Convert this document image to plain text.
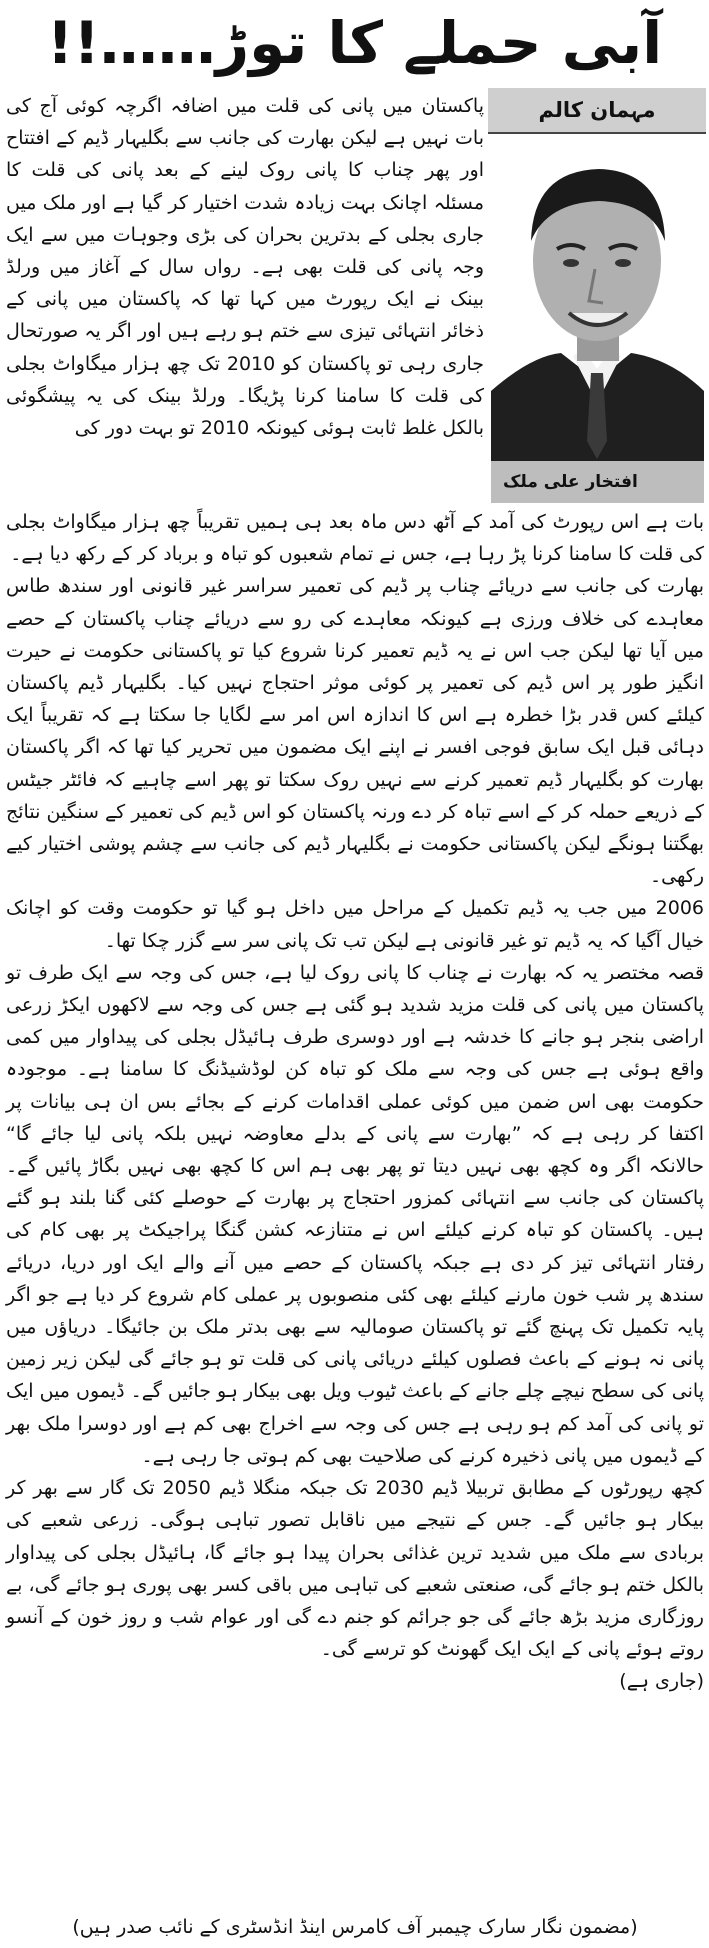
آبی حملے کا توڑ……!!
مہمان کالم
افتخار علی ملک

پاکستان میں پانی کی قلت میں اضافہ اگرچہ کوئی آج کی بات نہیں ہے لیکن بھارت کی جانب سے بگلیہار ڈیم کے افتتاح اور پھر چناب کا پانی روک لینے کے بعد پانی کی قلت کا مسئلہ اچانک بہت زیادہ شدت اختیار کر گیا ہے اور ملک میں جاری بجلی کے بدترین بحران کی بڑی وجوہات میں سے ایک وجہ پانی کی قلت بھی ہے۔ رواں سال کے آغاز میں ورلڈ بینک نے ایک رپورٹ میں کہا تھا کہ پاکستان میں پانی کے ذخائر انتہائی تیزی سے ختم ہو رہے ہیں اور اگر یہ صورتحال جاری رہی تو پاکستان کو 2010 تک چھ ہزار میگاواٹ بجلی کی قلت کا سامنا کرنا پڑیگا۔ ورلڈ بینک کی یہ پیشگوئی بالکل غلط ثابت ہوئی کیونکہ 2010 تو بہت دور کی

بات ہے اس رپورٹ کی آمد کے آٹھ دس ماہ بعد ہی ہمیں تقریباً چھ ہزار میگاواٹ بجلی کی قلت کا سامنا کرنا پڑ رہا ہے، جس نے تمام شعبوں کو تباہ و برباد کر کے رکھ دیا ہے۔

بھارت کی جانب سے دریائے چناب پر ڈیم کی تعمیر سراسر غیر قانونی اور سندھ طاس معاہدے کی خلاف ورزی ہے کیونکہ معاہدے کی رو سے دریائے چناب پاکستان کے حصے میں آیا تھا لیکن جب اس نے یہ ڈیم تعمیر کرنا شروع کیا تو پاکستانی حکومت نے حیرت انگیز طور پر اس ڈیم کی تعمیر پر کوئی موثر احتجاج نہیں کیا۔ بگلیہار ڈیم پاکستان کیلئے کس قدر بڑا خطرہ ہے اس کا اندازہ اس امر سے لگایا جا سکتا ہے کہ تقریباً ایک دہائی قبل ایک سابق فوجی افسر نے اپنے ایک مضمون میں تحریر کیا تھا کہ اگر پاکستان بھارت کو بگلیہار ڈیم تعمیر کرنے سے نہیں روک سکتا تو پھر اسے چاہیے کہ فائٹر جیٹس کے ذریعے حملہ کر کے اسے تباہ کر دے ورنہ پاکستان کو اس ڈیم کی تعمیر کے سنگین نتائج بھگتنا ہونگے لیکن پاکستانی حکومت نے بگلیہار ڈیم کی جانب سے چشم پوشی اختیار کیے رکھی۔

2006 میں جب یہ ڈیم تکمیل کے مراحل میں داخل ہو گیا تو حکومت وقت کو اچانک خیال آگیا کہ یہ ڈیم تو غیر قانونی ہے لیکن تب تک پانی سر سے گزر چکا تھا۔

قصہ مختصر یہ کہ بھارت نے چناب کا پانی روک لیا ہے، جس کی وجہ سے ایک طرف تو پاکستان میں پانی کی قلت مزید شدید ہو گئی ہے جس کی وجہ سے لاکھوں ایکڑ زرعی اراضی بنجر ہو جانے کا خدشہ ہے اور دوسری طرف ہائیڈل بجلی کی پیداوار میں کمی واقع ہوئی ہے جس کی وجہ سے ملک کو تباہ کن لوڈشیڈنگ کا سامنا ہے۔ موجودہ حکومت بھی اس ضمن میں کوئی عملی اقدامات کرنے کے بجائے بس ان ہی بیانات پر اکتفا کر رہی ہے کہ ”بھارت سے پانی کے بدلے معاوضہ نہیں بلکہ پانی لیا جائے گا“ حالانکہ اگر وہ کچھ بھی نہیں دیتا تو پھر بھی ہم اس کا کچھ بھی نہیں بگاڑ پائیں گے۔ پاکستان کی جانب سے انتہائی کمزور احتجاج پر بھارت کے حوصلے کئی گنا بلند ہو گئے ہیں۔ پاکستان کو تباہ کرنے کیلئے اس نے متنازعہ کشن گنگا پراجیکٹ پر بھی کام کی رفتار انتہائی تیز کر دی ہے جبکہ پاکستان کے حصے میں آنے والے ایک اور دریا، دریائے سندھ پر شب خون مارنے کیلئے بھی کئی منصوبوں پر عملی کام شروع کر دیا ہے جو اگر پایہ تکمیل تک پہنچ گئے تو پاکستان صومالیہ سے بھی بدتر ملک بن جائیگا۔ دریاؤں میں پانی نہ ہونے کے باعث فصلوں کیلئے دریائی پانی کی قلت تو ہو جائے گی لیکن زیر زمین پانی کی سطح نیچے چلے جانے کے باعث ٹیوب ویل بھی بیکار ہو جائیں گے۔ ڈیموں میں ایک تو پانی کی آمد کم ہو رہی ہے جس کی وجہ سے اخراج بھی کم ہے اور دوسرا ملک بھر کے ڈیموں میں پانی ذخیرہ کرنے کی صلاحیت بھی کم ہوتی جا رہی ہے۔

کچھ رپورٹوں کے مطابق تربیلا ڈیم 2030 تک جبکہ منگلا ڈیم 2050 تک گار سے بھر کر بیکار ہو جائیں گے۔ جس کے نتیجے میں ناقابل تصور تباہی ہوگی۔ زرعی شعبے کی بربادی سے ملک میں شدید ترین غذائی بحران پیدا ہو جائے گا، ہائیڈل بجلی کی پیداوار بالکل ختم ہو جائے گی، صنعتی شعبے کی تباہی میں باقی کسر بھی پوری ہو جائے گی، بے روزگاری مزید بڑھ جائے گی جو جرائم کو جنم دے گی اور عوام شب و روز خون کے آنسو روتے ہوئے پانی کے ایک ایک گھونٹ کو ترسے گی۔

(جاری ہے)

(مضمون نگار سارک چیمبر آف کامرس اینڈ انڈسٹری کے نائب صدر ہیں)
